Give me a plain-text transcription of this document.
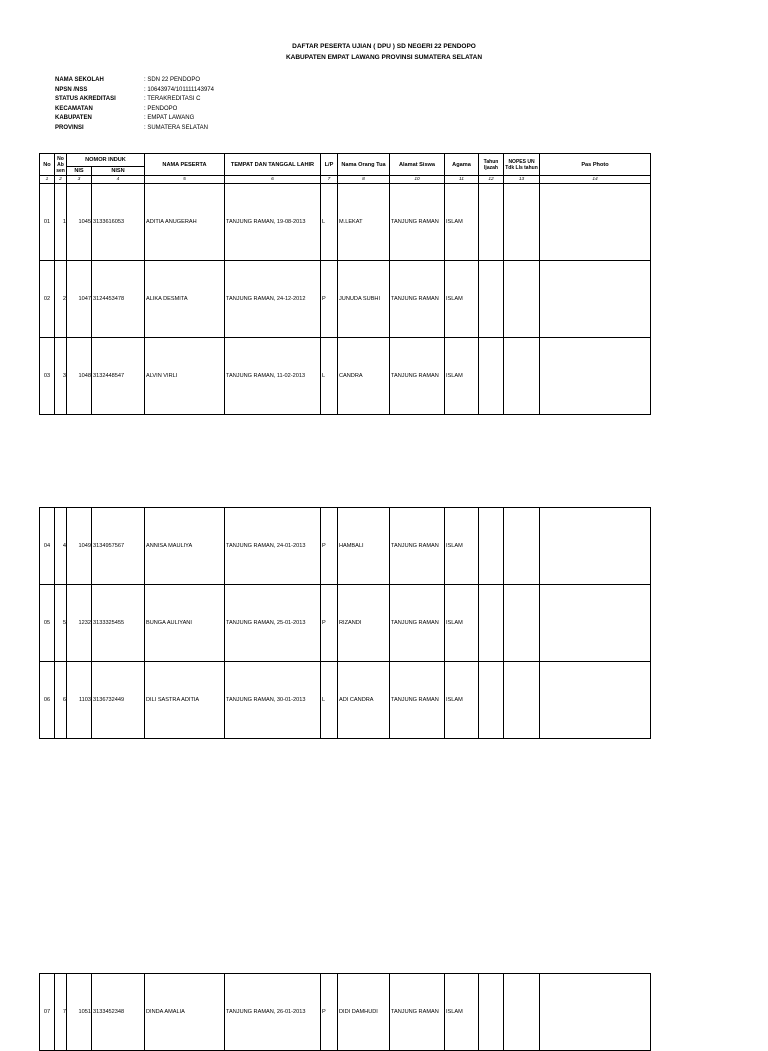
DAFTAR PESERTA UJIAN ( DPU ) SD NEGERI 22 PENDOPO
KABUPATEN EMPAT LAWANG PROVINSI SUMATERA SELATAN
NAMA SEKOLAH	: SDN 22 PENDOPO
NPSN /NSS	: 10643974/101111143974
STATUS AKREDITASI	: TERAKREDITASI C
KECAMATAN	: PENDOPO
KABUPATEN	: EMPAT LAWANG
PROVINSI	: SUMATERA SELATAN
No	No Ab sen	NOMOR INDUK		NAMA PESERTA	TEMPAT DAN TANGGAL LAHIR	L/P	Nama Orang Tua	Alamat Siswa	Agama	Tahun Ijazah	NOPES UN Tdk Lls tahun	Pas Photo
		NIS	NISN									
1	2	3	4	5	6	7	8	10	11	12	13	14
01	1	1045	3133616053	ADITIA ANUGERAH	TANJUNG RAMAN, 19-08-2013	L	M.LEKAT	TANJUNG RAMAN	ISLAM			
02	2	1047	3124453478	ALIKA DESMITA	TANJUNG RAMAN, 24-12-2012	P	JUNUDA SUBHI	TANJUNG RAMAN	ISLAM			
03	3	1048	3132448547	ALVIN VIRLI	TANJUNG RAMAN, 11-02-2013	L	CANDRA	TANJUNG RAMAN	ISLAM			
04	4	1049	3134957567	ANNISA MAULIYA	TANJUNG RAMAN, 24-01-2013	P	HAMBALI	TANJUNG RAMAN	ISLAM			
05	5	1232	3133325455	BUNGA AULIYANI	TANJUNG RAMAN, 25-01-2013	P	RIZANDI	TANJUNG RAMAN	ISLAM			
06	6	1103	3136732449	DILI SASTRA ADITIA	TANJUNG RAMAN, 30-01-2013	L	ADI CANDRA	TANJUNG RAMAN	ISLAM			
07	7	1051	3133452348	DINDA AMALIA	TANJUNG RAMAN, 26-01-2013	P	DIDI DAMHUDI	TANJUNG RAMAN	ISLAM			
